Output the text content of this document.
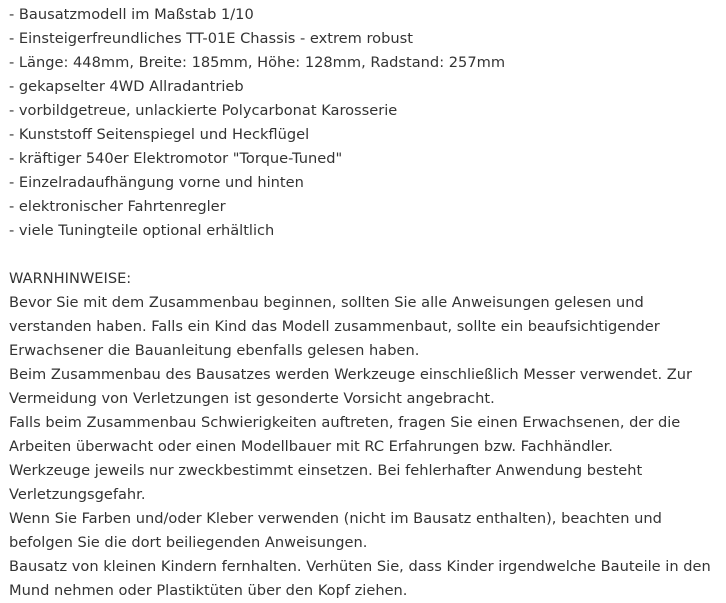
- Bausatzmodell im Maßstab 1/10
- Einsteigerfreundliches TT-01E Chassis - extrem robust
- Länge: 448mm, Breite: 185mm, Höhe: 128mm, Radstand: 257mm
- gekapselter 4WD Allradantrieb
- vorbildgetreue, unlackierte Polycarbonat Karosserie
- Kunststoff Seitenspiegel und Heckflügel
- kräftiger 540er Elektromotor "Torque-Tuned"
- Einzelradaufhängung vorne und hinten
- elektronischer Fahrtenregler
- viele Tuningteile optional erhältlich

WARNHINWEISE:

Bevor Sie mit dem Zusammenbau beginnen, sollten Sie alle Anweisungen gelesen und verstanden haben. Falls ein Kind das Modell zusammenbaut, sollte ein beaufsichtigender Erwachsener die Bauanleitung ebenfalls gelesen haben.

Beim Zusammenbau des Bausatzes werden Werkzeuge einschließlich Messer verwendet. Zur Vermeidung von Verletzungen ist gesonderte Vorsicht angebracht.

Falls beim Zusammenbau Schwierigkeiten auftreten, fragen Sie einen Erwachsenen, der die Arbeiten überwacht oder einen Modellbauer mit RC Erfahrungen bzw. Fachhändler.

Werkzeuge jeweils nur zweckbestimmt einsetzen. Bei fehlerhafter Anwendung besteht Verletzungsgefahr.

Wenn Sie Farben und/oder Kleber verwenden (nicht im Bausatz enthalten), beachten und befolgen Sie die dort beiliegenden Anweisungen.

Bausatz von kleinen Kindern fernhalten. Verhüten Sie, dass Kinder irgendwelche Bauteile in den Mund nehmen oder Plastiktüten über den Kopf ziehen.
